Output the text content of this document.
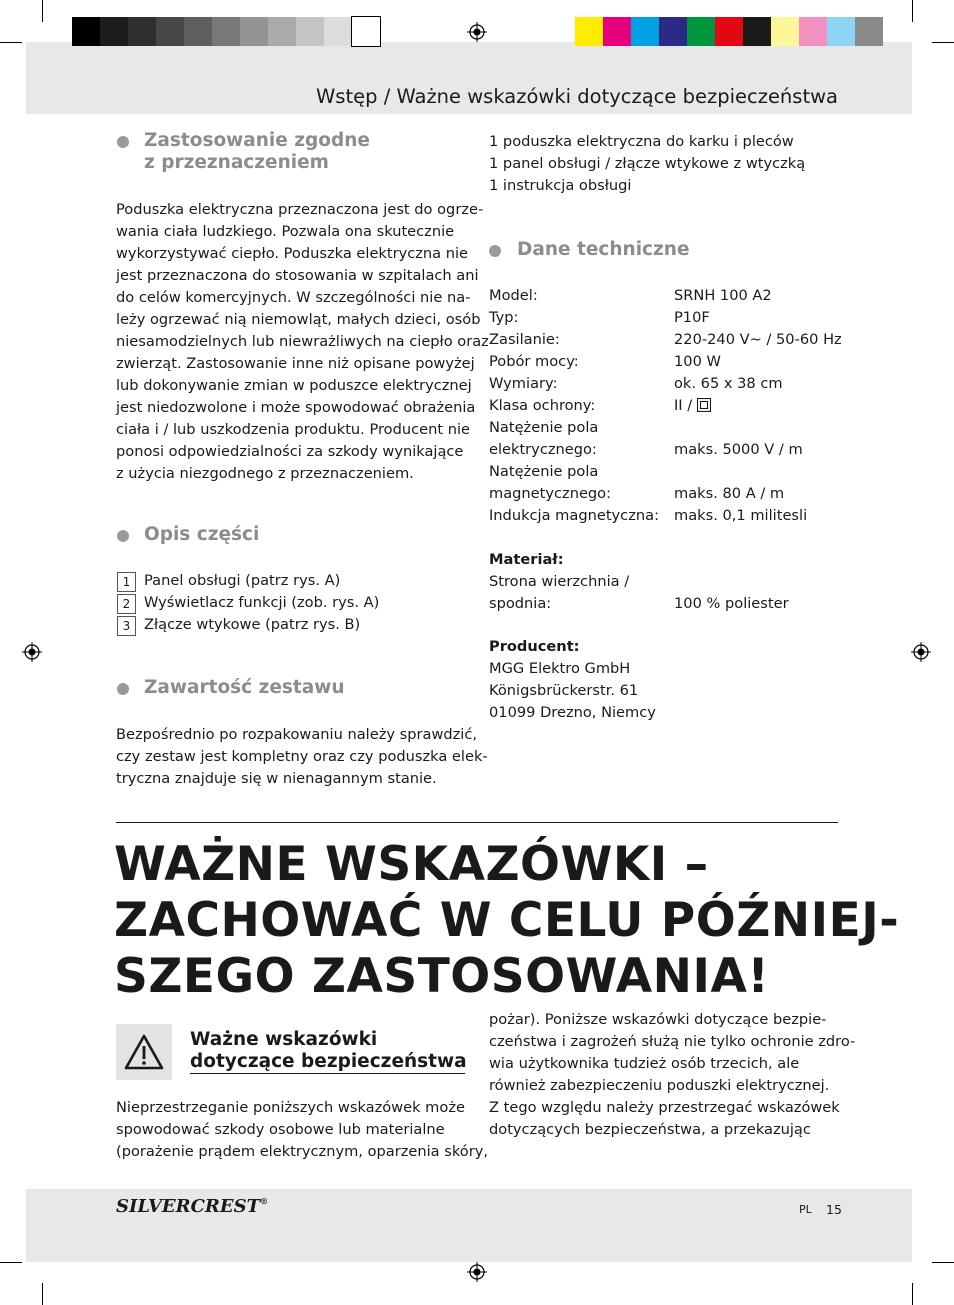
Wstęp / Ważne wskazówki dotyczące bezpieczeństwa
Zastosowanie zgodne
z przeznaczeniem

Poduszka elektryczna przeznaczona jest do ogrze-

wania ciała ludzkiego. Pozwala ona skutecznie

wykorzystywać ciepło. Poduszka elektryczna nie

jest przeznaczona do stosowania w szpitalach ani

do celów komercyjnych. W szczególności nie na-

leży ogrzewać nią niemowląt, małych dzieci, osób

niesamodzielnych lub niewrażliwych na ciepło oraz

zwierząt. Zastosowanie inne niż opisane powyżej

lub dokonywanie zmian w poduszce elektrycznej

jest niedozwolone i może spowodować obrażenia

ciała i / lub uszkodzenia produktu. Producent nie

ponosi odpowiedzialności za szkody wynikające

z użycia niezgodnego z przeznaczeniem.

Opis części
1 Panel obsługi (patrz rys. A)
2 Wyświetlacz funkcji (zob. rys. A)
3 Złącze wtykowe (patrz rys. B)
Zawartość zestawu

Bezpośrednio po rozpakowaniu należy sprawdzić,

czy zestaw jest kompletny oraz czy poduszka elek-

tryczna znajduje się w nienagannym stanie.

1 poduszka elektryczna do karku i pleców

1 panel obsługi / złącze wtykowe z wtyczką

1 instrukcja obsługi

Dane techniczne
Model:	SRNH 100 A2
Typ:	P10F
Zasilanie:	220-240 V~ / 50-60 Hz
Pobór mocy:	100 W
Wymiary:	ok. 65 x 38 cm
Klasa ochrony:	II /
Natężenie pola
elektrycznego:	maks. 5000 V / m
Natężenie pola
magnetycznego:	maks. 80 A / m
Indukcja magnetyczna: maks. 0,1 militesli
Materiał:
Strona wierzchnia /
spodnia:	100 % poliester
Producent:
MGG Elektro GmbH
Königsbrückerstr. 61
01099 Drezno, Niemcy
WAŻNE WSKAZÓWKI –
ZACHOWAĆ W CELU PÓŹNIEJ-
SZEGO ZASTOSOWANIA!
Ważne wskazówki
dotyczące bezpieczeństwa

Nieprzestrzeganie poniższych wskazówek może

spowodować szkody osobowe lub materialne

(porażenie prądem elektrycznym, oparzenia skóry,

pożar). Poniższe wskazówki dotyczące bezpie-

czeństwa i zagrożeń służą nie tylko ochronie zdro-

wia użytkownika tudzież osób trzecich, ale

również zabezpieczeniu poduszki elektrycznej.

Z tego względu należy przestrzegać wskazówek

dotyczących bezpieczeństwa, a przekazując

SILVERCREST®
PL 15
